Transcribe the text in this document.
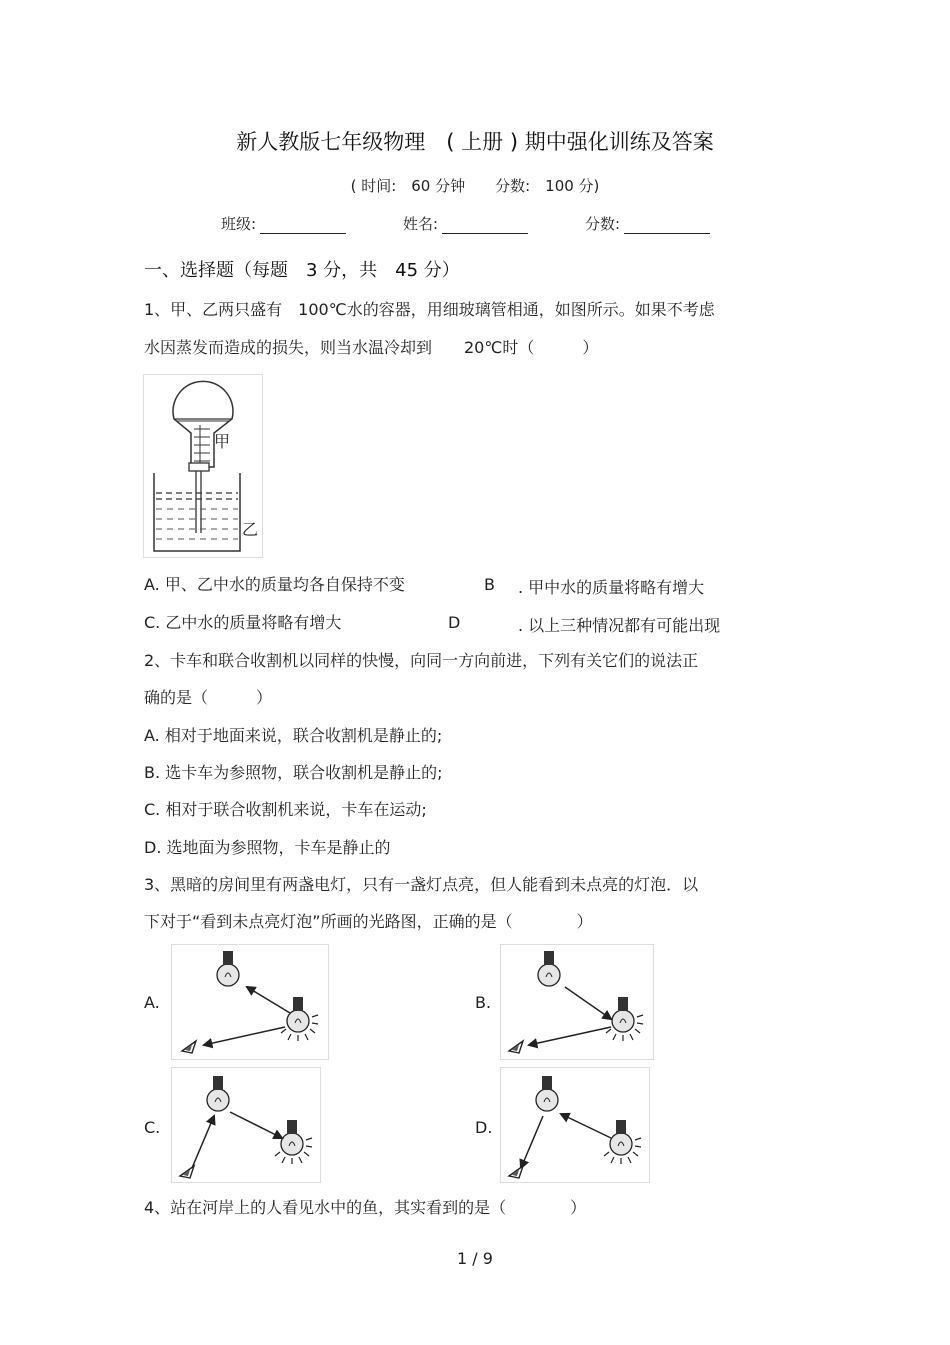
新人教版七年级物理　( 上册 ) 期中强化训练及答案
( 时间:　60 分钟　　分数:　100 分)
班级:	姓名:	分数:
一、选择题（每题　3 分，共　45 分）
1、甲、乙两只盛有　100℃水的容器，用细玻璃管相通，如图所示。如果不考虑
水因蒸发而造成的损失，则当水温冷却到　　20℃时（　　　）
甲
乙
A. 甲、乙中水的质量均各自保持不变	B . 甲中水的质量将略有增大
C. 乙中水的质量将略有增大	D	. 以上三种情况都有可能出现
2、卡车和联合收割机以同样的快慢，向同一方向前进，下列有关它们的说法正
确的是（　　　）
A. 相对于地面来说，联合收割机是静止的;
B. 选卡车为参照物，联合收割机是静止的;
C. 相对于联合收割机来说，卡车在运动;
D. 选地面为参照物，卡车是静止的
3、黑暗的房间里有两盏电灯，只有一盏灯点亮，但人能看到未点亮的灯泡．以
下对于“看到未点亮灯泡”所画的光路图，正确的是（　　　　）
A.	B.
C.	D.
4、站在河岸上的人看见水中的鱼，其实看到的是（　　　　）
1 / 9
